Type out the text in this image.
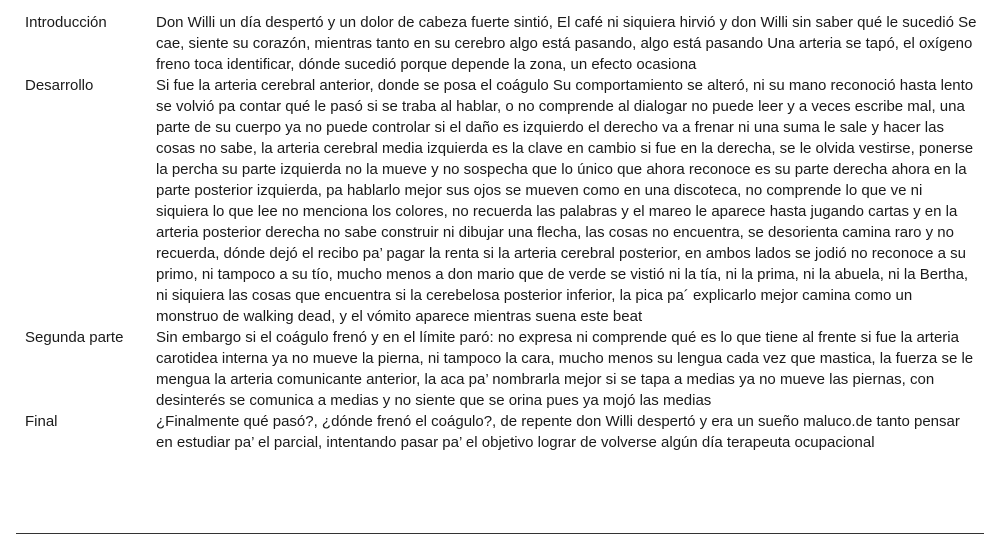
Introducción	Don Willi un día despertó y un dolor de cabeza fuerte sintió, El café ni siquiera hirvió y don Willi sin saber qué le sucedió Se cae, siente su corazón, mientras tanto en su cerebro algo está pasando, algo está pasando Una arteria se tapó, el oxígeno freno toca identificar, dónde sucedió porque depende la zona, un efecto ocasiona
Desarrollo	Si fue la arteria cerebral anterior, donde se posa el coágulo Su comportamiento se alteró, ni su mano reconoció hasta lento se volvió pa contar qué le pasó si se traba al hablar, o no comprende al dialogar no puede leer y a veces escribe mal, una parte de su cuerpo ya no puede controlar si el daño es izquierdo el derecho va a frenar ni una suma le sale y hacer las cosas no sabe, la arteria cerebral media izquierda es la clave en cambio si fue en la derecha, se le olvida vestirse, ponerse la percha su parte izquierda no la mueve y no sospecha que lo único que ahora reconoce es su parte derecha ahora en la parte posterior izquierda, pa hablarlo mejor sus ojos se mueven como en una discoteca, no comprende lo que ve ni siquiera lo que lee no menciona los colores, no recuerda las palabras y el mareo le aparece hasta jugando cartas y en la arteria posterior derecha no sabe construir ni dibujar una flecha, las cosas no encuentra, se desorienta camina raro y no recuerda, dónde dejó el recibo pa’ pagar la renta si la arteria cerebral posterior, en ambos lados se jodió no reconoce a su primo, ni tampoco a su tío, mucho menos a don mario que de verde se vistió ni la tía, ni la prima, ni la abuela, ni la Bertha, ni siquiera las cosas que encuentra si la cerebelosa posterior inferior, la pica pa´ explicarlo mejor camina como un monstruo de walking dead, y el vómito aparece mientras suena este beat
Segunda parte	Sin embargo si el coágulo frenó y en el límite paró: no expresa ni comprende qué es lo que tiene al frente si fue la arteria carotidea interna ya no mueve la pierna, ni tampoco la cara, mucho menos su lengua cada vez que mastica, la fuerza se le mengua la arteria comunicante anterior, la aca pa’ nombrarla mejor si se tapa a medias ya no mueve las piernas, con desinterés se comunica a medias y no siente que se orina pues ya mojó las medias
Final	¿Finalmente qué pasó?, ¿dónde frenó el coágulo?, de repente don Willi despertó y era un sueño maluco.de tanto pensar en estudiar pa’ el parcial, intentando pasar pa’ el objetivo lograr de volverse algún día terapeuta ocupacional
